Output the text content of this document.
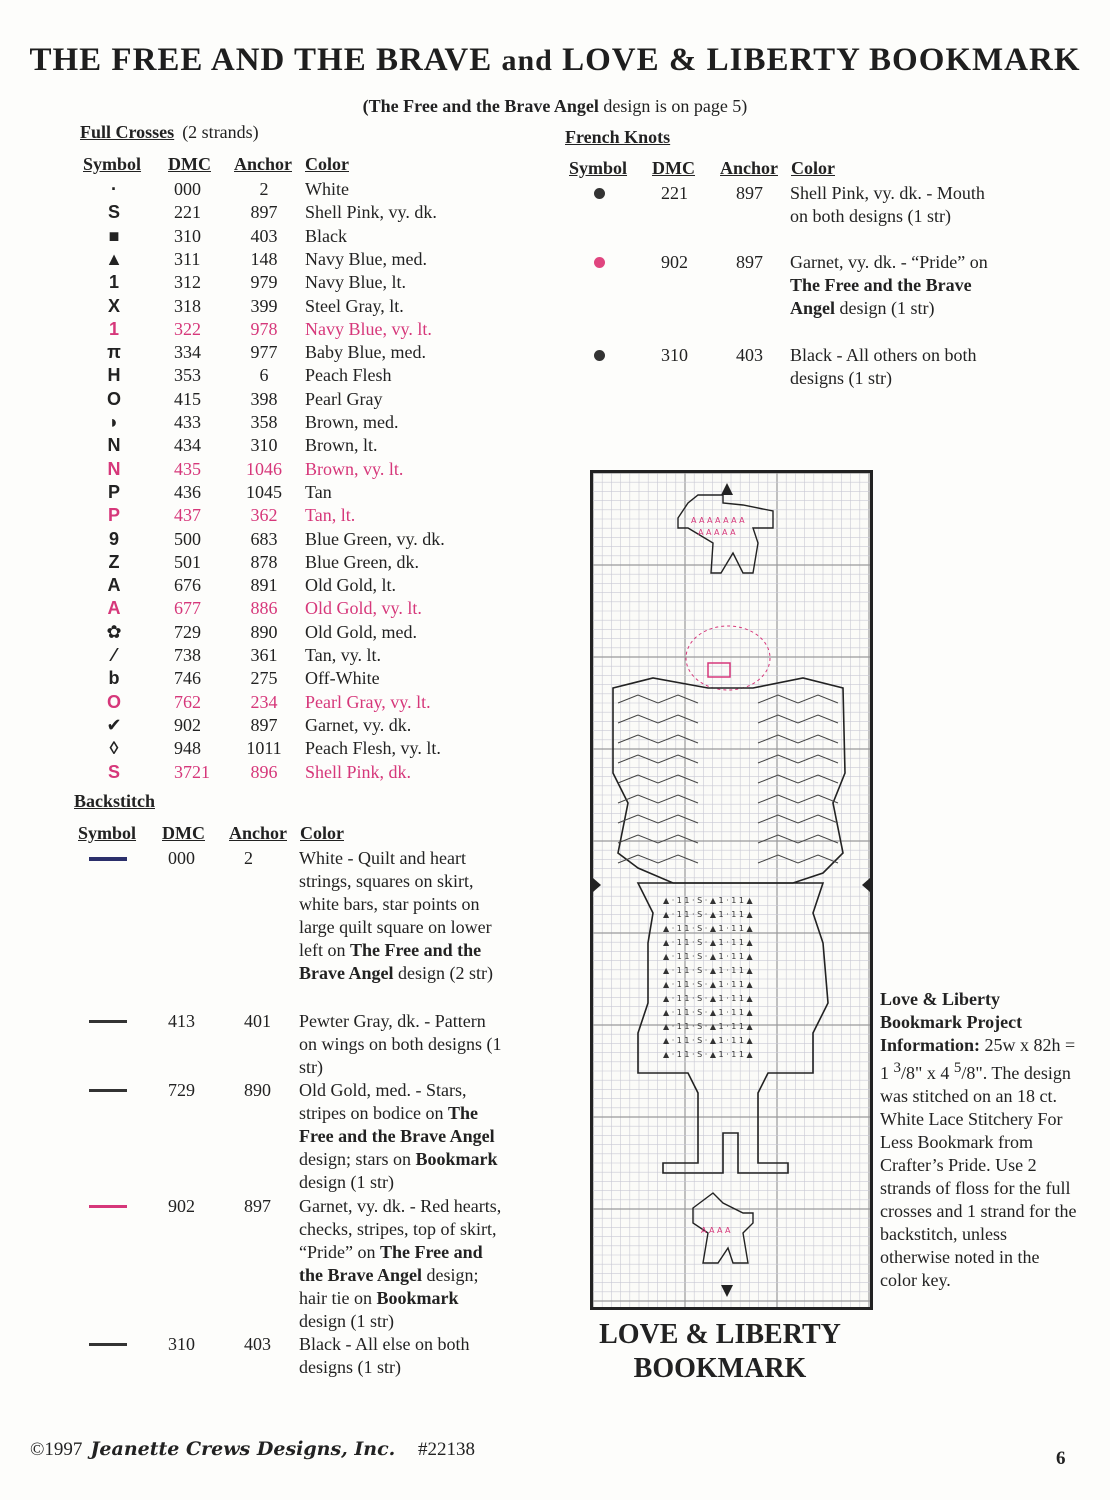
THE FREE AND THE BRAVE and LOVE & LIBERTY BOOKMARK
(The Free and the Brave Angel design is on page 5)
Full Crosses (2 strands)
Symbol DMC Anchor Color
·	000	2	White
S	221	897	Shell Pink, vy. dk.
■	310	403	Black
▲	311	148	Navy Blue, med.
1	312	979	Navy Blue, lt.
X	318	399	Steel Gray, lt.
1	322	978	Navy Blue, vy. lt.
π	334	977	Baby Blue, med.
H	353	6	Peach Flesh
O	415	398	Pearl Gray
◗	433	358	Brown, med.
N	434	310	Brown, lt.
N	435	1046 Brown, vy. lt.
P	436	1045 Tan
P	437	362	Tan, lt.
9	500	683	Blue Green, vy. dk.
Z	501	878	Blue Green, dk.
A	676	891	Old Gold, lt.
A	677	886	Old Gold, vy. lt.
✿	729	890	Old Gold, med.
⁄	738	361	Tan, vy. lt.
b	746	275	Off-White
O	762	234	Pearl Gray, vy. lt.
✔	902	897	Garnet, vy. dk.
◊	948	1011 Peach Flesh, vy. lt.
S	3721	896	Shell Pink, dk.
Backstitch
Symbol DMC Anchor Color
000	2	White - Quilt and heart strings, squares on skirt, white bars, star points on large quilt square on lower left on The Free and the Brave Angel design (2 str)
413	401 Pewter Gray, dk. - Pattern on wings on both designs (1 str)
729	890 Old Gold, med. - Stars, stripes on bodice on The Free and the Brave Angel design; stars on Bookmark design (1 str)
902	897 Garnet, vy. dk. - Red hearts, checks, stripes, top of skirt, “Pride” on The Free and the Brave Angel design; hair tie on Bookmark design (1 str)
310	403 Black - All else on both designs (1 str)
French Knots
Symbol DMC Anchor Color
221	897 Shell Pink, vy. dk. - Mouth on both designs (1 str)
902	897 Garnet, vy. dk. - “Pride” on The Free and the Brave Angel design (1 str)
310	403 Black - All others on both designs (1 str)
▲ · 1 1 · S · ▲ 1 · 1 1 ▲
▲ · 1 1 · S · ▲ 1 · 1 1 ▲
▲ · 1 1 · S · ▲ 1 · 1 1 ▲
▲ · 1 1 · S · ▲ 1 · 1 1 ▲
▲ · 1 1 · S · ▲ 1 · 1 1 ▲
▲ · 1 1 · S · ▲ 1 · 1 1 ▲
▲ · 1 1 · S · ▲ 1 · 1 1 ▲
▲ · 1 1 · S · ▲ 1 · 1 1 ▲
▲ · 1 1 · S · ▲ 1 · 1 1 ▲
▲ · 1 1 · S · ▲ 1 · 1 1 ▲
▲ · 1 1 · S · ▲ 1 · 1 1 ▲
▲ · 1 1 · S · ▲ 1 · 1 1 ▲
A A A A
A A A A A A A
A A A A A
LOVE & LIBERTY
BOOKMARK
Love & Liberty Bookmark Project Information: 25w x 82h = 1 $^3$/8" x 4 $^5$/8". The design was stitched on an 18 ct. White Lace Stitchery For Less Bookmark from Crafter’s Pride. Use 2 strands of floss for the full crosses and 1 strand for the backstitch, unless otherwise noted in the color key.
©1997 Jeanette Crews Designs, Inc. #22138	6
